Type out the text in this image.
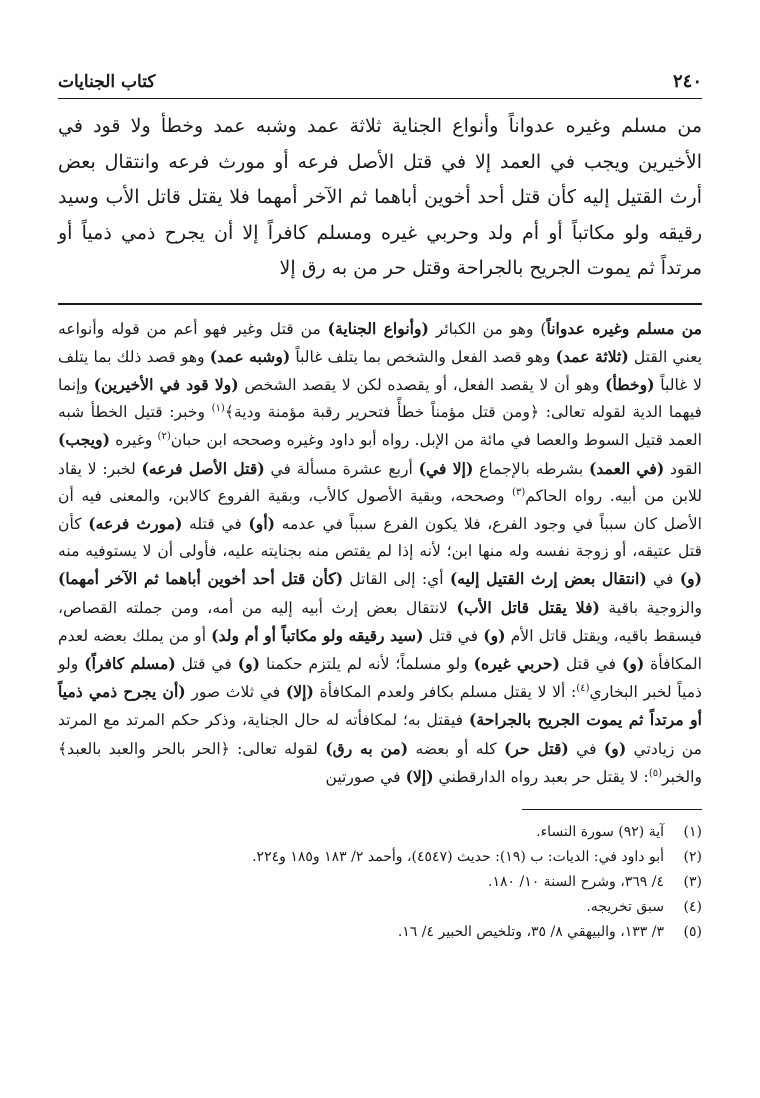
٢٤٠
كتاب الجنايات

من مسلم وغيره عدواناً وأنواع الجناية ثلاثة عمد وشبه عمد وخطأ ولا قود في الأخيرين ويجب في العمد إلا في قتل الأصل فرعه أو مورث فرعه وانتقال بعض أرث القتيل إليه كأن قتل أحد أخوين أباهما ثم الآخر أمهما فلا يقتل قاتل الأب وسيد رقيقه ولو مكاتباً أو أم ولد وحربي غيره ومسلم كافراً إلا أن يجرح ذمي ذمياً أو مرتداً ثم يموت الجريح بالجراحة وقتل حر من به رق إلا

من مسلم وغيره عدواناً) وهو من الكبائر (وأنواع الجناية) من قتل وغير فهو أعم من قوله وأنواعه يعني القتل (ثلاثة عمد) وهو قصد الفعل والشخص بما يتلف غالباً (وشبه عمد) وهو قصد ذلك بما يتلف لا غالباً (وخطأ) وهو أن لا يقصد الفعل، أو يقصده لكن لا يقصد الشخص (ولا قود في الأخيرين) وإنما فيهما الدية لقوله تعالى: ﴿ومن قتل مؤمناً خطأً فتحرير رقبة مؤمنة ودية﴾$^{(١)}$ وخبر: قتيل الخطأ شبه العمد قتيل السوط والعصا في مائة من الإبل. رواه أبو داود وغيره وصححه ابن حبان$^{(٢)}$ وغيره (ويجب) القود (في العمد) بشرطه بالإجماع (إلا في) أربع عشرة مسألة في (قتل الأصل فرعه) لخبر: لا يقاد للابن من أبيه. رواه الحاكم$^{(٣)}$ وصححه، وبقية الأصول كالأب، وبقية الفروع كالابن، والمعنى فيه أن الأصل كان سبباً في وجود الفرع، فلا يكون الفرع سبباً في عدمه (أو) في قتله (مورث فرعه) كأن قتل عتيقه، أو زوجة نفسه وله منها ابن؛ لأنه إذا لم يقتص منه بجنايته عليه، فأولى أن لا يستوفيه منه (و) في (انتقال بعض إرث القتيل إليه) أي: إلى القاتل (كأن قتل أحد أخوين أباهما ثم الآخر أمهما) والزوجية باقية (فلا يقتل قاتل الأب) لانتقال بعض إرث أبيه إليه من أمه، ومن جملته القصاص، فيسقط باقيه، ويقتل قاتل الأم (و) في قتل (سيد رقيقه ولو مكاتباً أو أم ولد) أو من يملك بعضه لعدم المكافأة (و) في قتل (حربي غيره) ولو مسلماً؛ لأنه لم يلتزم حكمنا (و) في قتل (مسلم كافراً) ولو ذمياً لخبر البخاري$^{(٤)}$: ألا لا يقتل مسلم بكافر ولعدم المكافأة (إلا) في ثلاث صور (أن يجرح ذمي ذمياً أو مرتداً ثم يموت الجريح بالجراحة) فيقتل به؛ لمكافأته له حال الجناية، وذكر حكم المرتد مع المرتد من زيادتي (و) في (قتل حر) كله أو بعضه (من به رق) لقوله تعالى: ﴿الحر بالحر والعبد بالعبد﴾ والخبر$^{(٥)}$: لا يقتل حر بعبد رواه الدارقطني (إلا) في صورتين

(١)
آية (٩٢) سورة النساء.
(٢)
أبو داود في: الديات: ب (١٩): حديث (٤٥٤٧)، وأحمد ٢/ ١٨٣ و١٨٥ و٢٢٤.
(٣)
٤/ ٣٦٩، وشرح السنة ١٠/ ١٨٠.
(٤)
سبق تخريجه.
(٥)
٣/ ١٣٣، والبيهقي ٨/ ٣٥، وتلخيص الحبير ٤/ ١٦.
